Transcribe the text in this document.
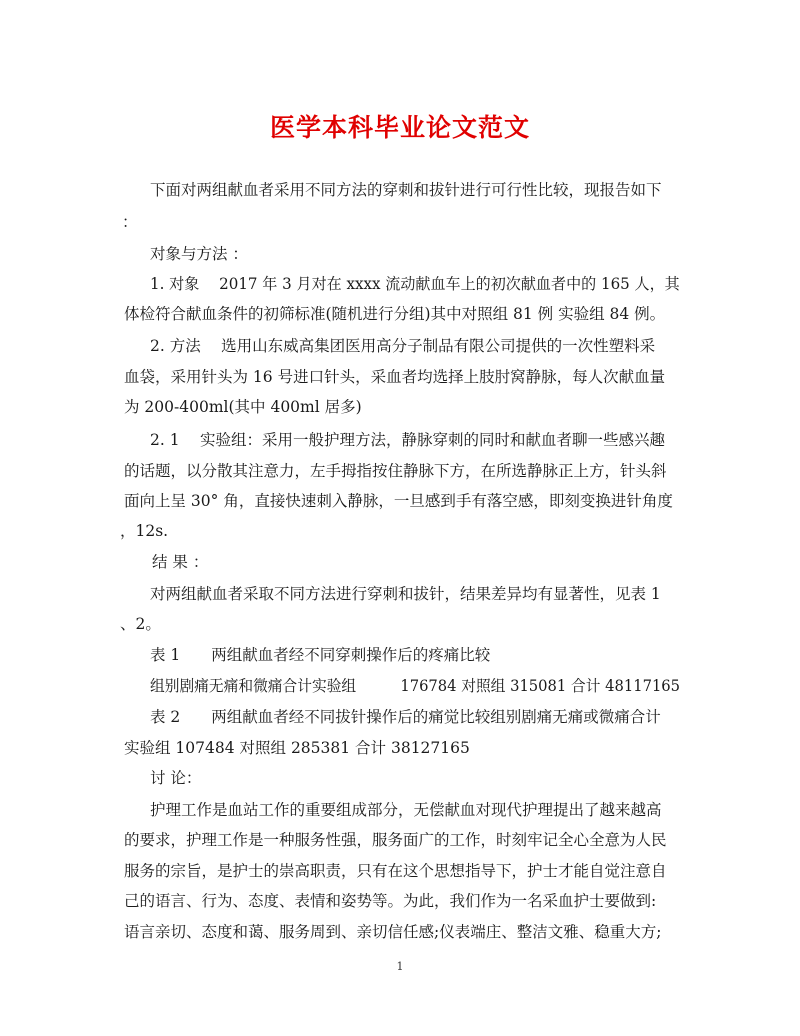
医学本科毕业论文范文
下面对两组献血者采用不同方法的穿刺和拔针进行可行性比较，现报告如下
：
对象与方法 ：
1. 对象　 2017 年 3 月对在 xxxx 流动献血车上的初次献血者中的 165 人，其
体检符合献血条件的初筛标准(随机进行分组)其中对照组 81 例 实验组 84 例。
2. 方法　 选用山东威高集团医用高分子制品有限公司提供的一次性塑料采
血袋，采用针头为 16 号进口针头，采血者均选择上肢肘窝静脉，每人次献血量
为 200-400ml(其中 400ml 居多)
2. 1　 实验组：采用一般护理方法，静脉穿刺的同时和献血者聊一些感兴趣
的话题，以分散其注意力，左手拇指按住静脉下方，在所选静脉正上方，针头斜
面向上呈 30° 角，直接快速刺入静脉，一旦感到手有落空感，即刻变换进针角度
，12s.
结 果 ：
对两组献血者采取不同方法进行穿刺和拔针，结果差异均有显著性，见表 1
、2。
表 1　　两组献血者经不同穿刺操作后的疼痛比较
组别剧痛无痛和微痛合计实验组　　　176784 对照组 315081 合计 48117165
表 2　　两组献血者经不同拔针操作后的痛觉比较组别剧痛无痛或微痛合计
实验组 107484 对照组 285381 合计 38127165
讨 论：
护理工作是血站工作的重要组成部分，无偿献血对现代护理提出了越来越高
的要求，护理工作是一种服务性强，服务面广的工作，时刻牢记全心全意为人民
服务的宗旨，是护士的崇高职责，只有在这个思想指导下，护士才能自觉注意自
己的语言、行为、态度、表情和姿势等。为此，我们作为一名采血护士要做到:
语言亲切、态度和蔼、服务周到、亲切信任感;仪表端庄、整洁文雅、稳重大方;
1
